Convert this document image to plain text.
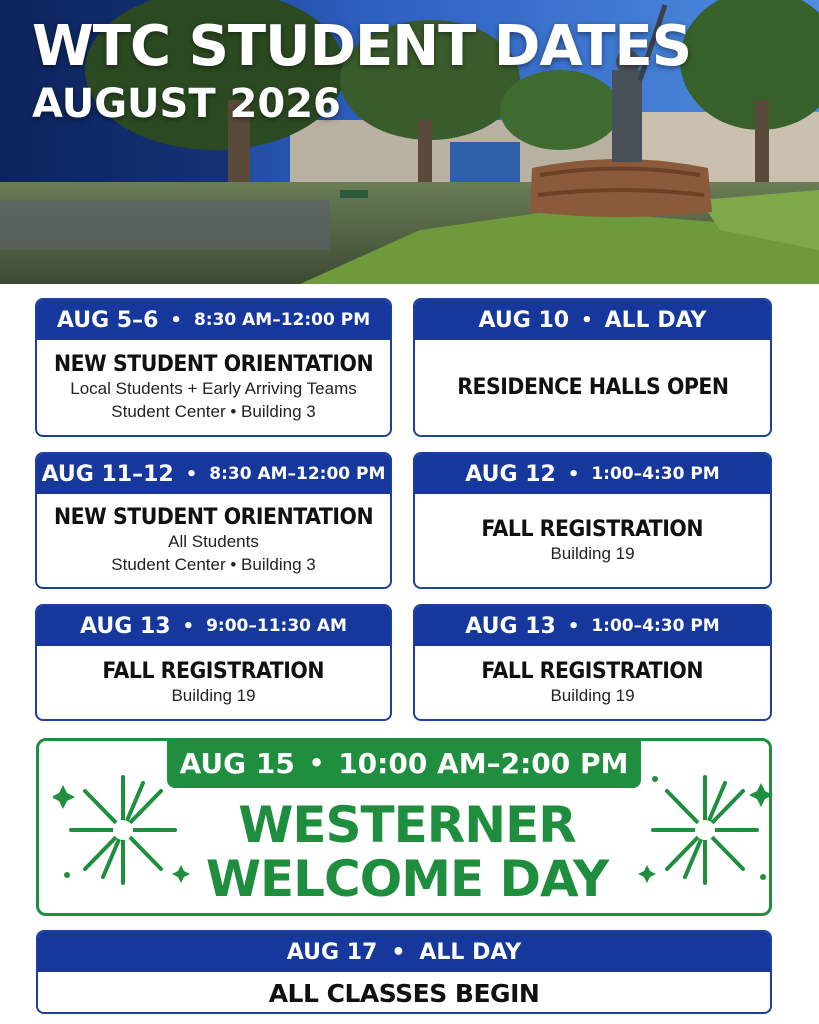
WTC STUDENT DATES
AUGUST 2026
AUG 5–6 • 8:30 AM–12:00 PM
NEW STUDENT ORIENTATION
Local Students + Early Arriving Teams
Student Center • Building 3
AUG 10 • ALL DAY
RESIDENCE HALLS OPEN
AUG 11–12 • 8:30 AM–12:00 PM
NEW STUDENT ORIENTATION
All Students
Student Center • Building 3
AUG 12 • 1:00–4:30 PM
FALL REGISTRATION
Building 19
AUG 13 • 9:00–11:30 AM
FALL REGISTRATION
Building 19
AUG 13 • 1:00–4:30 PM
FALL REGISTRATION
Building 19
AUG 15 • 10:00 AM–2:00 PM
WESTERNER
WELCOME DAY
AUG 17 • ALL DAY
ALL CLASSES BEGIN
